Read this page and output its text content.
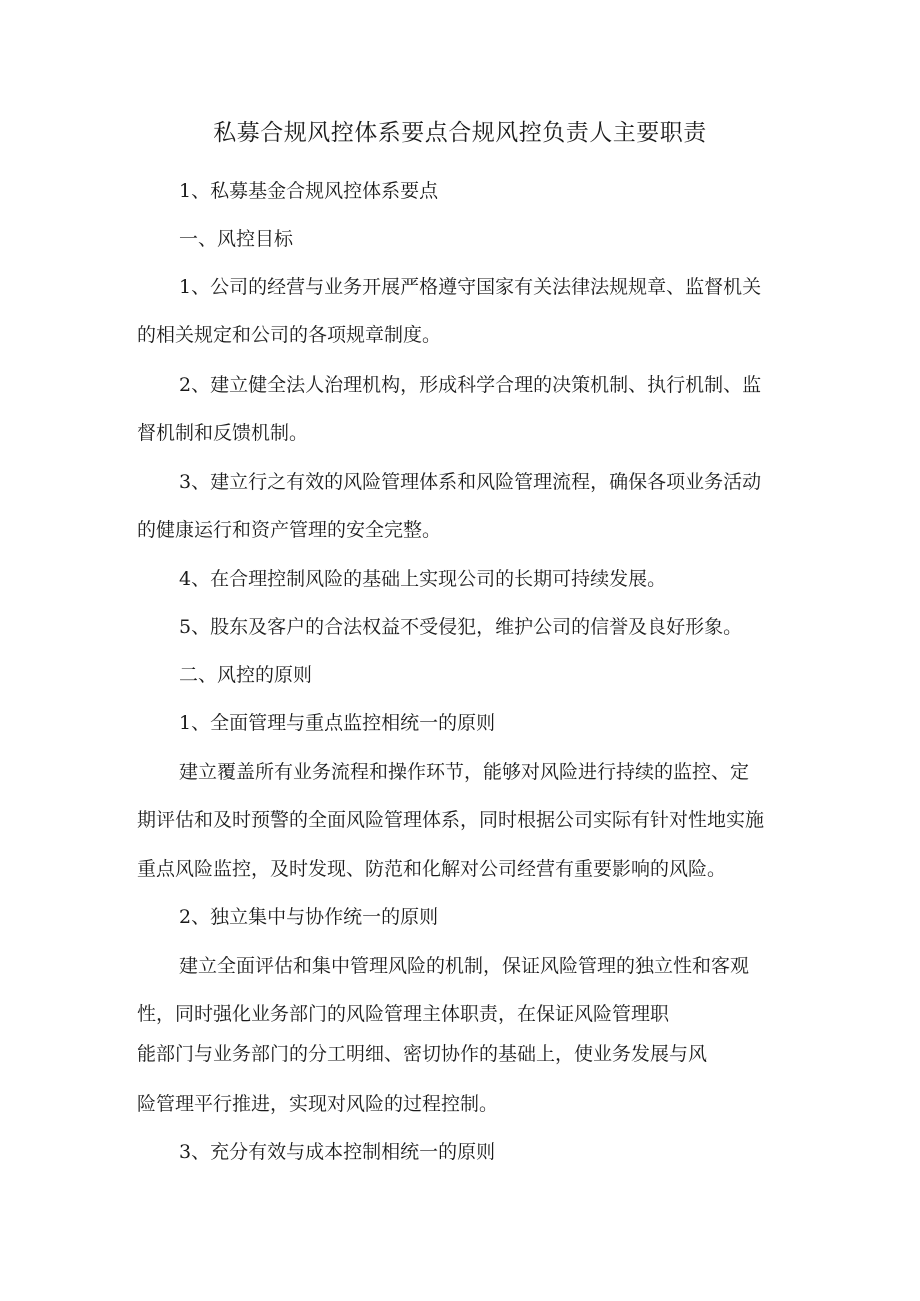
私募合规风控体系要点合规风控负责人主要职责
1、私募基金合规风控体系要点
一、风控目标
1、公司的经营与业务开展严格遵守国家有关法律法规规章、监督机关
的相关规定和公司的各项规章制度。
2、建立健全法人治理机构，形成科学合理的决策机制、执行机制、监
督机制和反馈机制。
3、建立行之有效的风险管理体系和风险管理流程，确保各项业务活动
的健康运行和资产管理的安全完整。
4、在合理控制风险的基础上实现公司的长期可持续发展。
5、股东及客户的合法权益不受侵犯，维护公司的信誉及良好形象。
二、风控的原则
1、全面管理与重点监控相统一的原则
建立覆盖所有业务流程和操作环节，能够对风险进行持续的监控、定
期评估和及时预警的全面风险管理体系，同时根据公司实际有针对性地实施
重点风险监控，及时发现、防范和化解对公司经营有重要影响的风险。
2、独立集中与协作统一的原则
建立全面评估和集中管理风险的机制，保证风险管理的独立性和客观
性，同时强化业务部门的风险管理主体职责，在保证风险管理职
能部门与业务部门的分工明细、密切协作的基础上，使业务发展与风
险管理平行推进，实现对风险的过程控制。
3、充分有效与成本控制相统一的原则
